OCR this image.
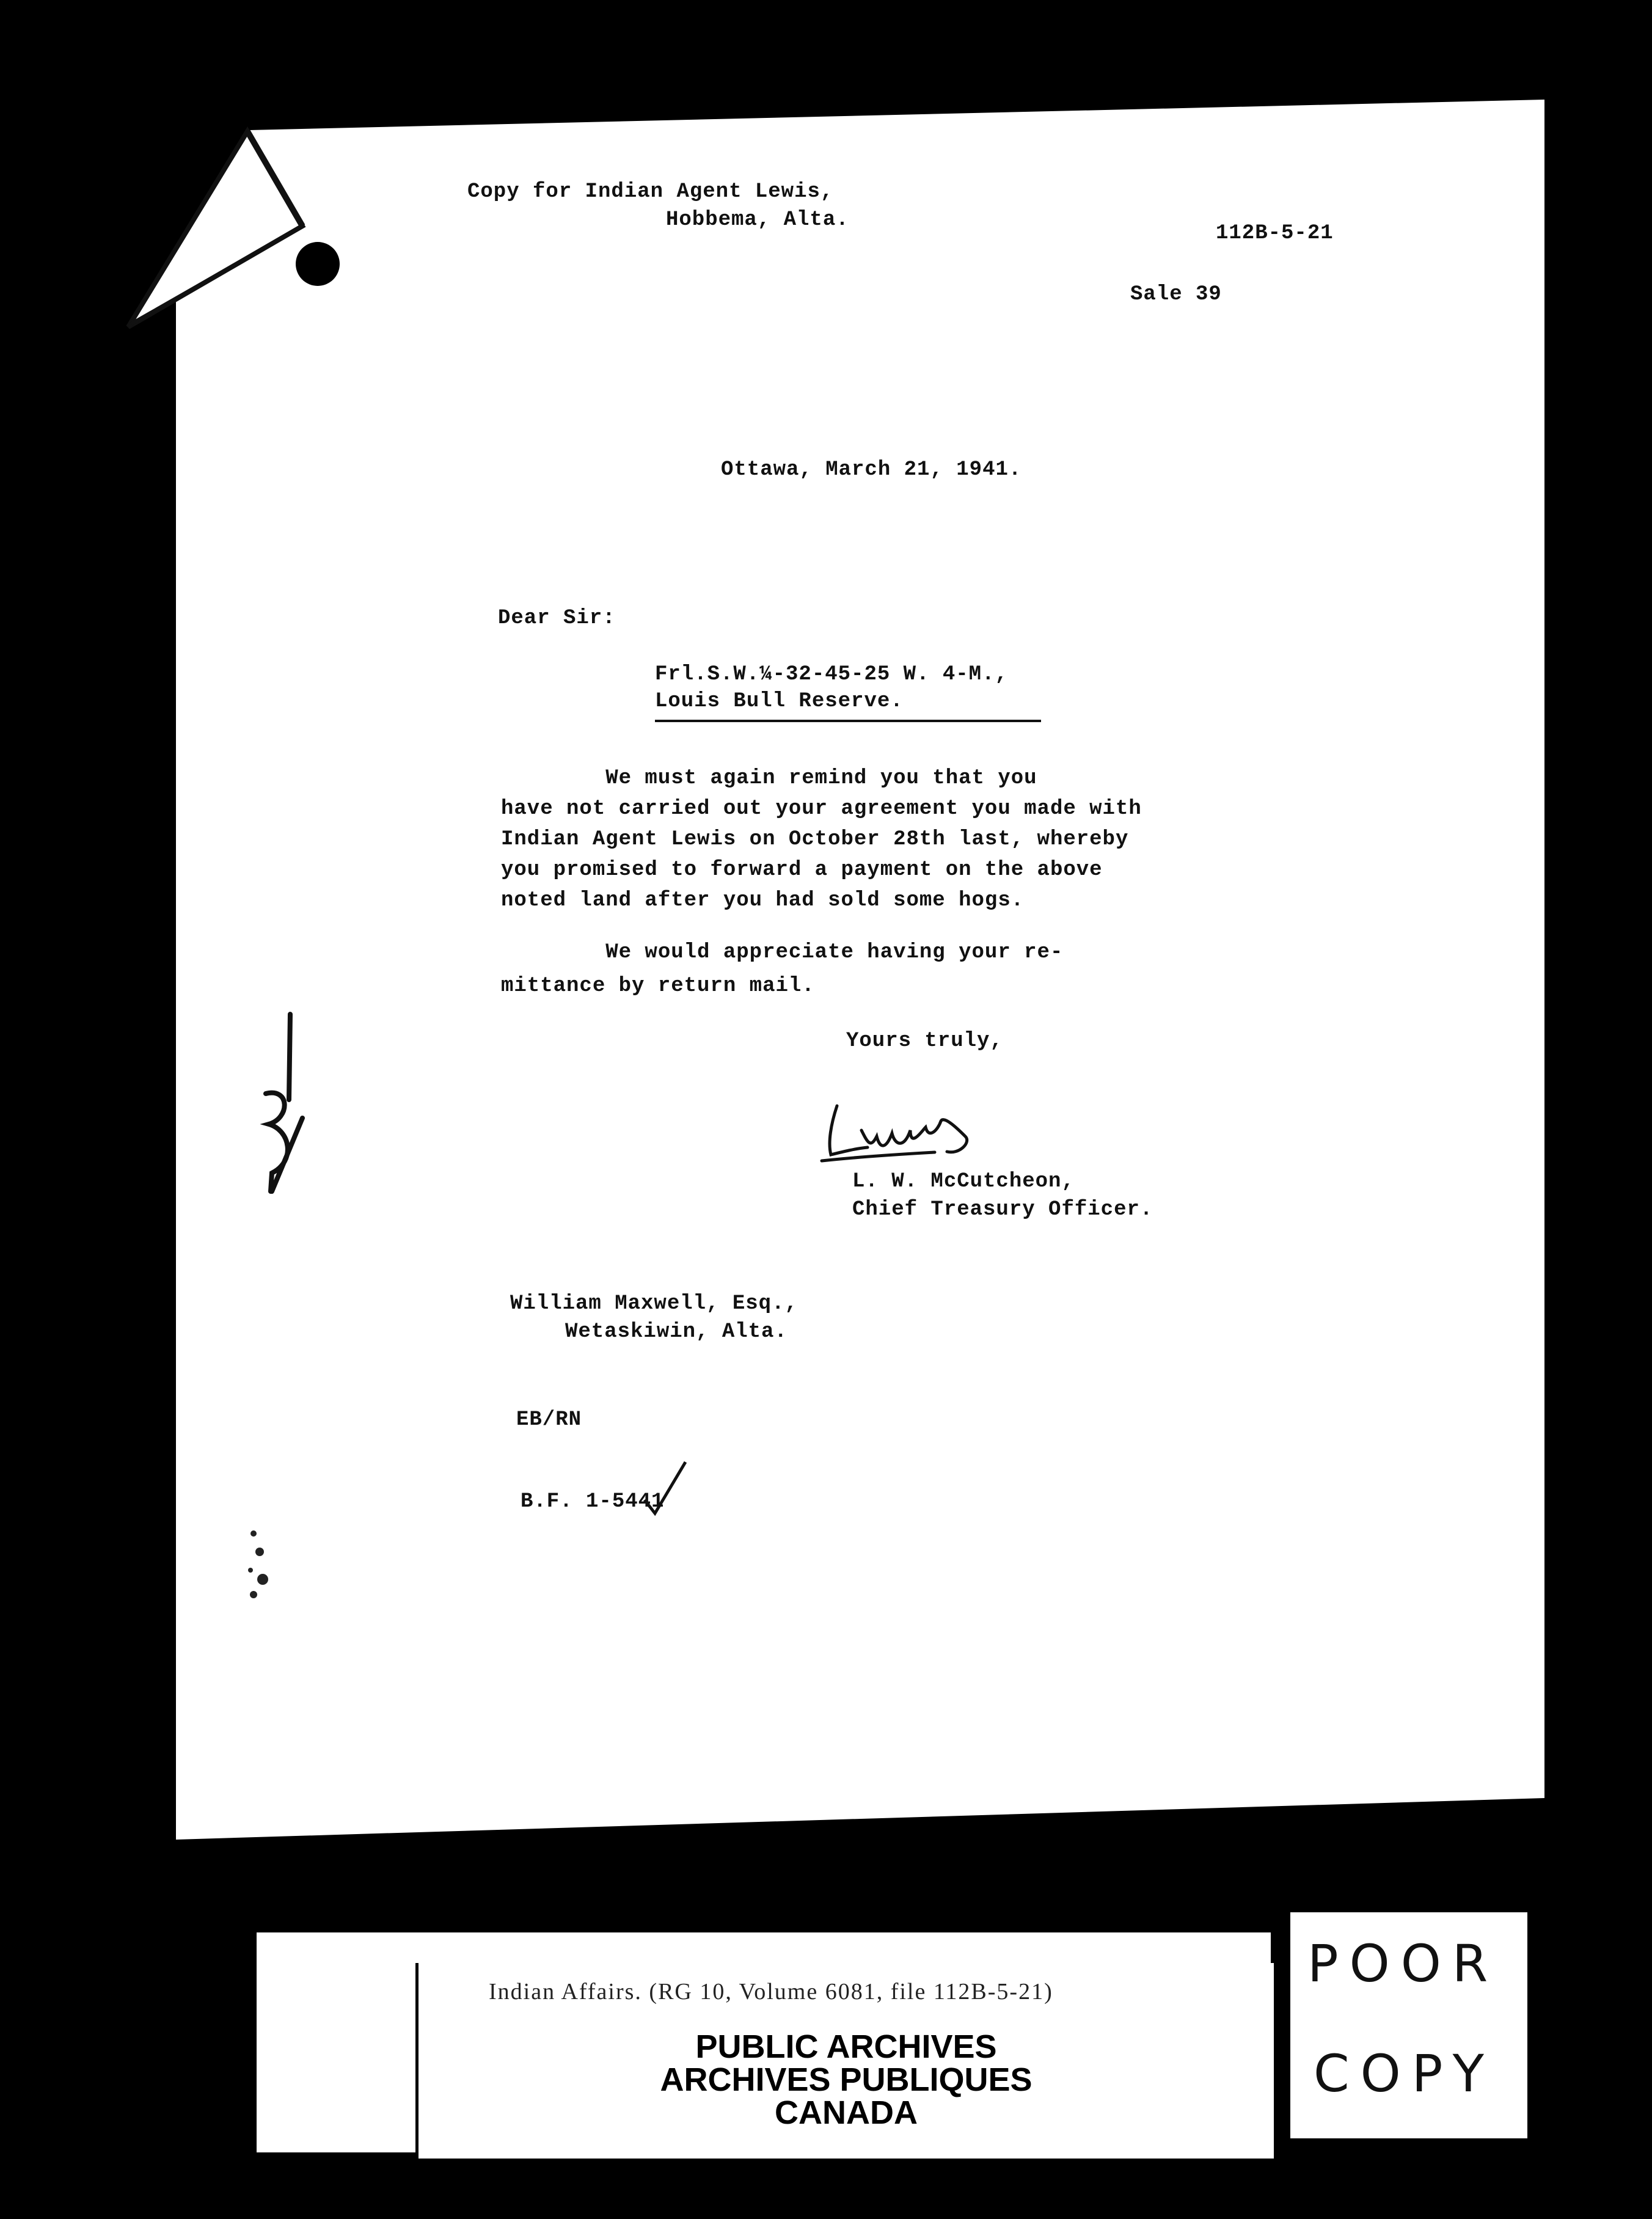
Copy for Indian Agent Lewis,
Hobbema, Alta.
112B-5-21
Sale 39
Ottawa, March 21, 1941.
Dear Sir:
Frl.S.W.¼-32-45-25 W. 4-M.,
Louis Bull Reserve.
We must again remind you that you
have not carried out your agreement you made with
Indian Agent Lewis on October 28th last, whereby
you promised to forward a payment on the above
noted land after you had sold some hogs.
We would appreciate having your re-
mittance by return mail.
Yours truly,
L. W. McCutcheon,
Chief Treasury Officer.
William Maxwell, Esq.,
Wetaskiwin, Alta.
EB/RN
B.F. 1-5441
Indian Affairs. (RG 10, Volume 6081, file 112B-5-21)
PUBLIC ARCHIVES
ARCHIVES PUBLIQUES
CANADA
POOR
COPY
